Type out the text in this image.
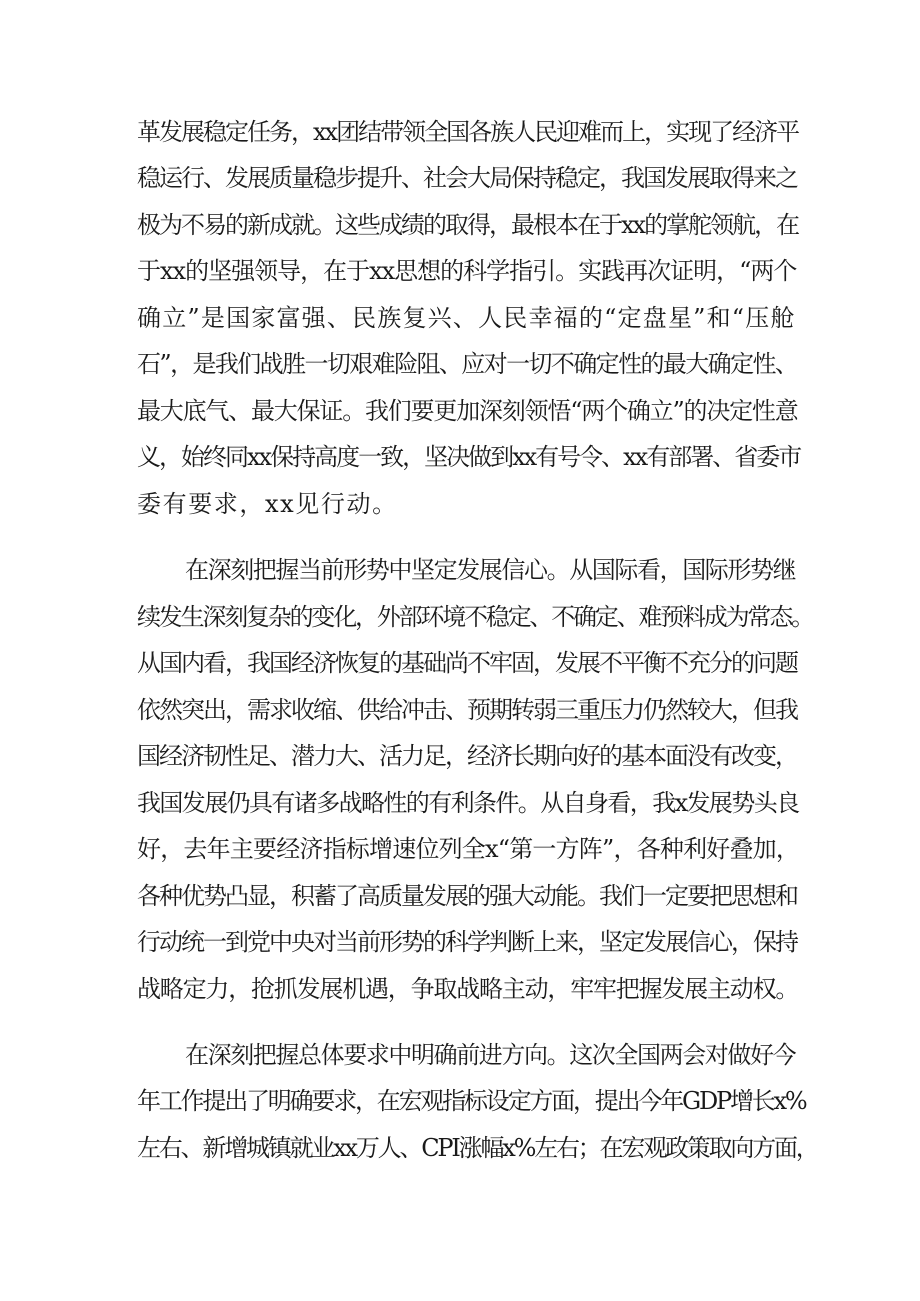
革发展稳定任务，xx团结带领全国各族人民迎难而上，实现了经济平
稳运行、发展质量稳步提升、社会大局保持稳定，我国发展取得来之
极为不易的新成就。这些成绩的取得，最根本在于xx的掌舵领航，在
于xx的坚强领导，在于xx思想的科学指引。实践再次证明，“两个
确立”是国家富强、民族复兴、人民幸福的“定盘星”和“压舱
石”，是我们战胜一切艰难险阻、应对一切不确定性的最大确定性、
最大底气、最大保证。我们要更加深刻领悟“两个确立”的决定性意
义，始终同xx保持高度一致，坚决做到xx有号令、xx有部署、省委市
委有要求，xx见行动。
在深刻把握当前形势中坚定发展信心。从国际看，国际形势继
续发生深刻复杂的变化，外部环境不稳定、不确定、难预料成为常态。
从国内看，我国经济恢复的基础尚不牢固，发展不平衡不充分的问题
依然突出，需求收缩、供给冲击、预期转弱三重压力仍然较大，但我
国经济韧性足、潜力大、活力足，经济长期向好的基本面没有改变，
我国发展仍具有诸多战略性的有利条件。从自身看，我x发展势头良
好，去年主要经济指标增速位列全x“第一方阵”，各种利好叠加，
各种优势凸显，积蓄了高质量发展的强大动能。我们一定要把思想和
行动统一到党中央对当前形势的科学判断上来，坚定发展信心，保持
战略定力，抢抓发展机遇，争取战略主动，牢牢把握发展主动权。
在深刻把握总体要求中明确前进方向。这次全国两会对做好今
年工作提出了明确要求，在宏观指标设定方面，提出今年GDP增长x%
左右、新增城镇就业xx万人、CPI涨幅x%左右；在宏观政策取向方面，
